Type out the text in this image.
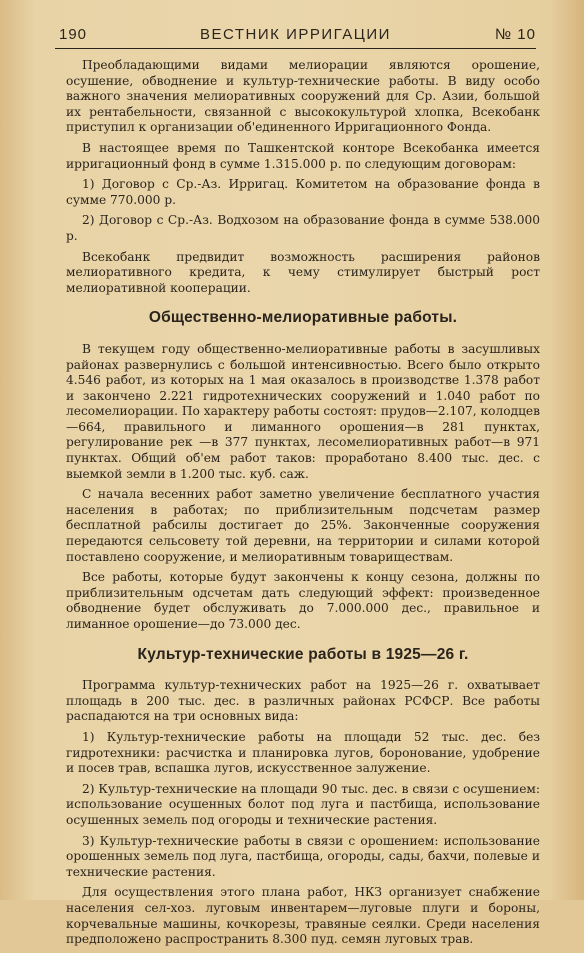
190	ВЕСТНИК ИРРИГАЦИИ	№ 10

Преобладающими видами мелиорации являются орошение, осушение, обводнение и культур-технические работы. В виду особо важного значения мелиоративных сооружений для Ср. Азии, большой их рентабельности, связанной с высококультурой хлопка, Всекобанк приступил к организации об'единенного Ирригационного Фонда.

В настоящее время по Ташкентской конторе Всекобанка имеется ирригационный фонд в сумме 1.315.000 р. по следующим договорам:

1) Договор с Ср.-Аз. Ирригац. Комитетом на образование фонда в сумме 770.000 р.

2) Договор с Ср.-Аз. Водхозом на образование фонда в сумме 538.000 р.

Всекобанк предвидит возможность расширения районов мелиоративного кредита, к чему стимулирует быстрый рост мелиоративной кооперации.

Общественно-мелиоративные работы.

В текущем году общественно-мелиоративные работы в засушливых районах развернулись с большой интенсивностью. Всего было открыто 4.546 работ, из которых на 1 мая оказалось в производстве 1.378 работ и закончено 2.221 гидротехнических сооружений и 1.040 работ по лесомелиорации. По характеру работы состоят: прудов—2.107, колодцев—664, правильного и лиманного орошения—в 281 пунктах, регулирование рек —в 377 пунктах, лесомелиоративных работ—в 971 пунктах. Общий об'ем работ таков: проработано 8.400 тыс. дес. с выемкой земли в 1.200 тыс. куб. саж.

С начала весенних работ заметно увеличение бесплатного участия населения в работах; по приблизительным подсчетам размер бесплатной рабсилы достигает до 25%. Законченные сооружения передаются сельсовету той деревни, на территории и силами которой поставлено сооружение, и мелиоративным товариществам.

Все работы, которые будут закончены к концу сезона, должны по приблизительным одсчетам дать следующий эффект: произведенное обводнение будет обслуживать до 7.000.000 дес., правильное и лиманное орошение—до 73.000 дес.

Культур-технические работы в 1925—26 г.

Программа культур-технических работ на 1925—26 г. охватывает площадь в 200 тыс. дес. в различных районах РСФСР. Все работы распадаются на три основных вида:

1) Культур-технические работы на площади 52 тыс. дес. без гидротехники: расчистка и планировка лугов, боронование, удобрение и посев трав, вспашка лугов, искусственное залужение.

2) Культур-технические на площади 90 тыс. дес. в связи с осушением: использование осушенных болот под луга и пастбища, использование осушенных земель под огороды и технические растения.

3) Культур-технические работы в связи с орошением: использование орошенных земель под луга, пастбища, огороды, сады, бахчи, полевые и технические растения.

Для осуществления этого плана работ, НКЗ организует снабжение населения сел-хоз. луговым инвентарем—луговые плуги и бороны, корчевальные машины, кочкорезы, травяные сеялки. Среди населения предположено распространить 8.300 пуд. семян луговых трав.
